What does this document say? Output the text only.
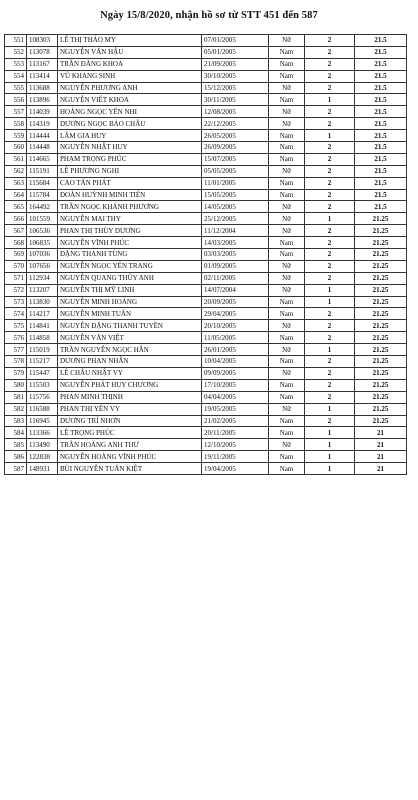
Ngày 15/8/2020, nhận hồ sơ từ STT 451 đến 587
551	108303	LÊ THỊ THẢO MY	07/01/2005	Nữ	2	21.5
552	113078	NGUYỄN VĂN HẬU	05/01/2005	Nam	2	21.5
553	113167	TRẦN ĐĂNG KHOA	21/09/2005	Nam	2	21.5
554	113414	VŨ KHANG SINH	30/10/2005	Nam	2	21.5
555	113688	NGUYỄN PHƯƠNG ANH	15/12/2005	Nữ	2	21.5
556	113896	NGUYỄN VIẾT KHOA	30/11/2005	Nam	1	21.5
557	114039	HOÀNG NGỌC YẾN NHI	12/08/2005	Nữ	2	21.5
558	114319	DƯƠNG NGỌC BẢO CHÂU	22/12/2005	Nữ	2	21.5
559	114444	LÂM GIA HUY	26/05/2005	Nam	1	21.5
560	114448	NGUYỄN NHẬT HUY	26/09/2005	Nam	2	21.5
561	114665	PHẠM TRỌNG PHÚC	15/07/2005	Nam	2	21.5
562	115191	LÊ PHƯƠNG NGHI	05/05/2005	Nữ	2	21.5
563	115684	CAO TẤN PHÁT	11/01/2005	Nam	2	21.5
564	115784	ĐOÀN HUỲNH MINH TIẾN	15/05/2005	Nam	2	21.5
565	164492	TRẦN NGỌC KHÁNH PHƯƠNG	14/05/2005	Nữ	2	21.5
566	101559	NGUYỄN MAI THY	25/12/2005	Nữ	1	21.25
567	106536	PHAN THỊ THÙY DƯƠNG	11/12/2004	Nữ	2	21.25
568	106835	NGUYỄN VĨNH PHÚC	14/03/2005	Nam	2	21.25
569	107036	ĐẶNG THANH TÙNG	03/03/2005	Nam	2	21.25
570	107656	NGUYỄN NGỌC YẾN TRANG	01/09/2005	Nữ	2	21.25
571	112934	NGUYỄN QUANG THÙY ANH	02/11/2005	Nữ	2	21.25
572	113207	NGUYỄN THỊ MỸ LINH	14/07/2004	Nữ	1	21.25
573	113830	NGUYỄN MINH HOÀNG	20/09/2005	Nam	1	21.25
574	114217	NGUYỄN MINH TUẤN	29/04/2005	Nam	2	21.25
575	114841	NGUYỄN ĐẶNG THANH TUYỀN	20/10/2005	Nữ	2	21.25
576	114858	NGUYỄN VĂN VIỆT	11/05/2005	Nam	2	21.25
577	115019	TRẦN NGUYỄN NGỌC HÂN	26/01/2005	Nữ	1	21.25
578	115217	DƯƠNG PHAN NHÂN	10/04/2005	Nam	2	21.25
579	115447	LÊ CHÂU NHẬT VY	09/09/2005	Nữ	2	21.25
580	115503	NGUYỄN PHÁT HUY CHƯƠNG	17/10/2005	Nam	2	21.25
581	115756	PHAN MINH THỊNH	04/04/2005	Nam	2	21.25
582	116588	PHAN THỊ YẾN VY	19/05/2005	Nữ	1	21.25
583	116945	DƯƠNG TRÍ NHƠN	21/02/2005	Nam	2	21.25
584	113366	LÊ TRỌNG PHÚC	20/11/2005	Nam	1	21
585	113490	TRẦN HOÀNG ANH THƯ	12/10/2005	Nữ	1	21
586	122838	NGUYỄN HOÀNG VĨNH PHÚC	19/11/2005	Nam	1	21
587	148931	BÙI NGUYỄN TUẤN KIỆT	19/04/2005	Nam	1	21
